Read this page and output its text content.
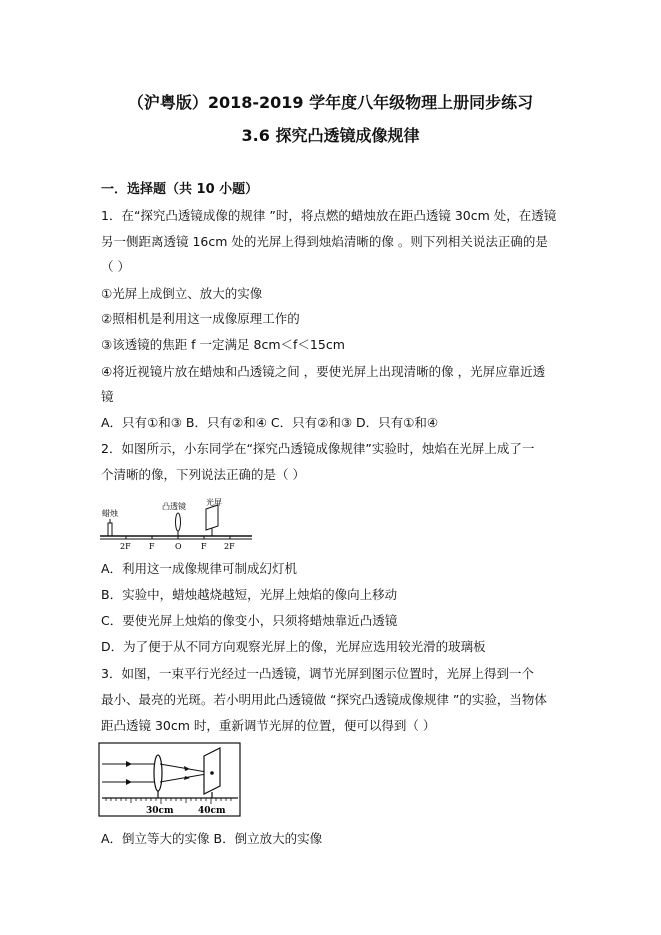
（沪粤版）2018-2019 学年度八年级物理上册同步练习
3.6 探究凸透镜成像规律
一．选择题（共 10 小题）
1．在“探究凸透镜成像的规律 ”时，将点燃的蜡烛放在距凸透镜 30cm 处，在透镜
另一侧距离透镜 16cm 处的光屏上得到烛焰清晰的像 。则下列相关说法正确的是
（ ）
①光屏上成倒立、放大的实像
②照相机是利用这一成像原理工作的
③该透镜的焦距 f 一定满足 8cm＜f＜15cm
④将近视镜片放在蜡烛和凸透镜之间 ，要使光屏上出现清晰的像 ，光屏应靠近透
镜
A．只有①和③ B．只有②和④ C．只有②和③ D．只有①和④
2．如图所示，小东同学在“探究凸透镜成像规律”实验时，烛焰在光屏上成了一
个清晰的像，下列说法正确的是（ ）
蜡烛
凸透镜	光屏
2F F	O F 2F
A．利用这一成像规律可制成幻灯机
B．实验中，蜡烛越烧越短，光屏上烛焰的像向上移动
C．要使光屏上烛焰的像变小，只须将蜡烛靠近凸透镜
D．为了便于从不同方向观察光屏上的像，光屏应选用较光滑的玻璃板
3．如图，一束平行光经过一凸透镜，调节光屏到图示位置时，光屏上得到一个
最小、最亮的光斑。若小明用此凸透镜做 “探究凸透镜成像规律 ”的实验，当物体
距凸透镜 30cm 时，重新调节光屏的位置，便可以得到（ ）
30cm	40cm
A．倒立等大的实像 B．倒立放大的实像
